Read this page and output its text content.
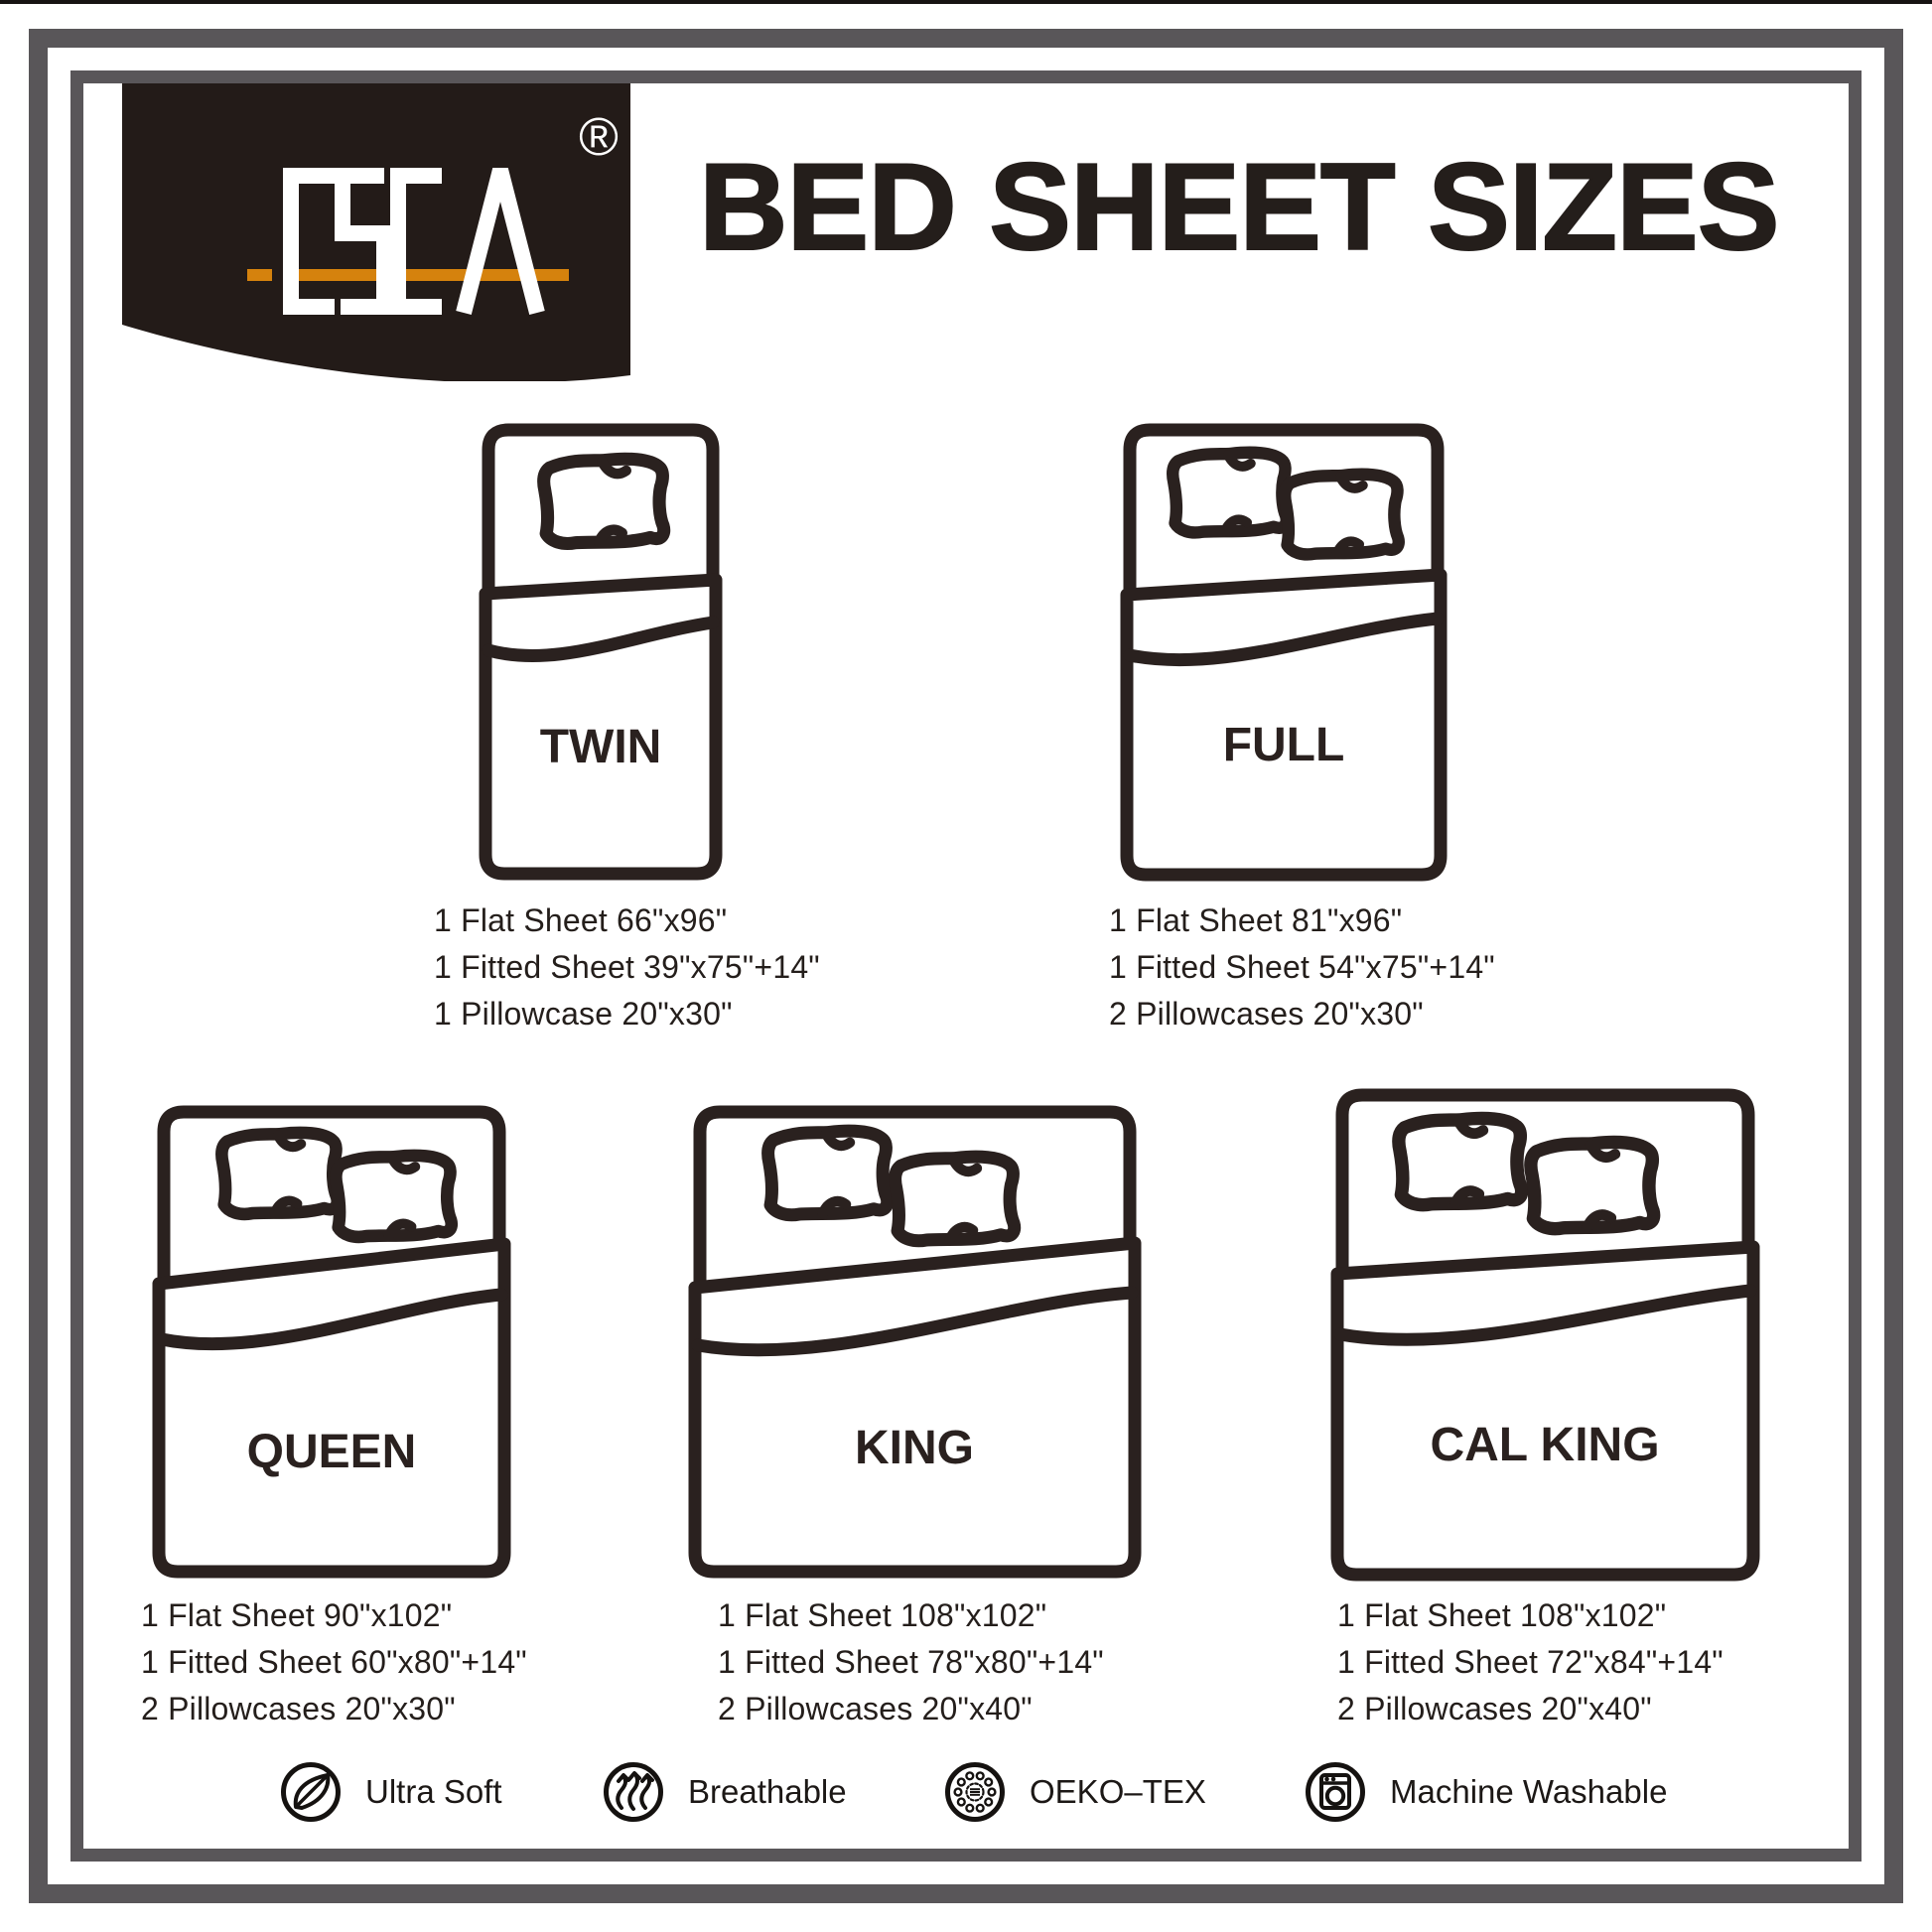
®
BED SHEET SIZES
TWIN	FULL
QUEEN	KING	CAL KING
1 Flat Sheet 66"x96"
1 Fitted Sheet 39"x75"+14"
1 Pillowcase 20"x30"
1 Flat Sheet 81"x96"
1 Fitted Sheet 54"x75"+14"
2 Pillowcases 20"x30"
1 Flat Sheet 90"x102"
1 Fitted Sheet 60"x80"+14"
2 Pillowcases 20"x30"
1 Flat Sheet 108"x102"
1 Fitted Sheet 78"x80"+14"
2 Pillowcases 20"x40"
1 Flat Sheet 108"x102"
1 Fitted Sheet 72"x84"+14"
2 Pillowcases 20"x40"
Ultra Soft	Breathable	OEKO–TEX	Machine Washable
